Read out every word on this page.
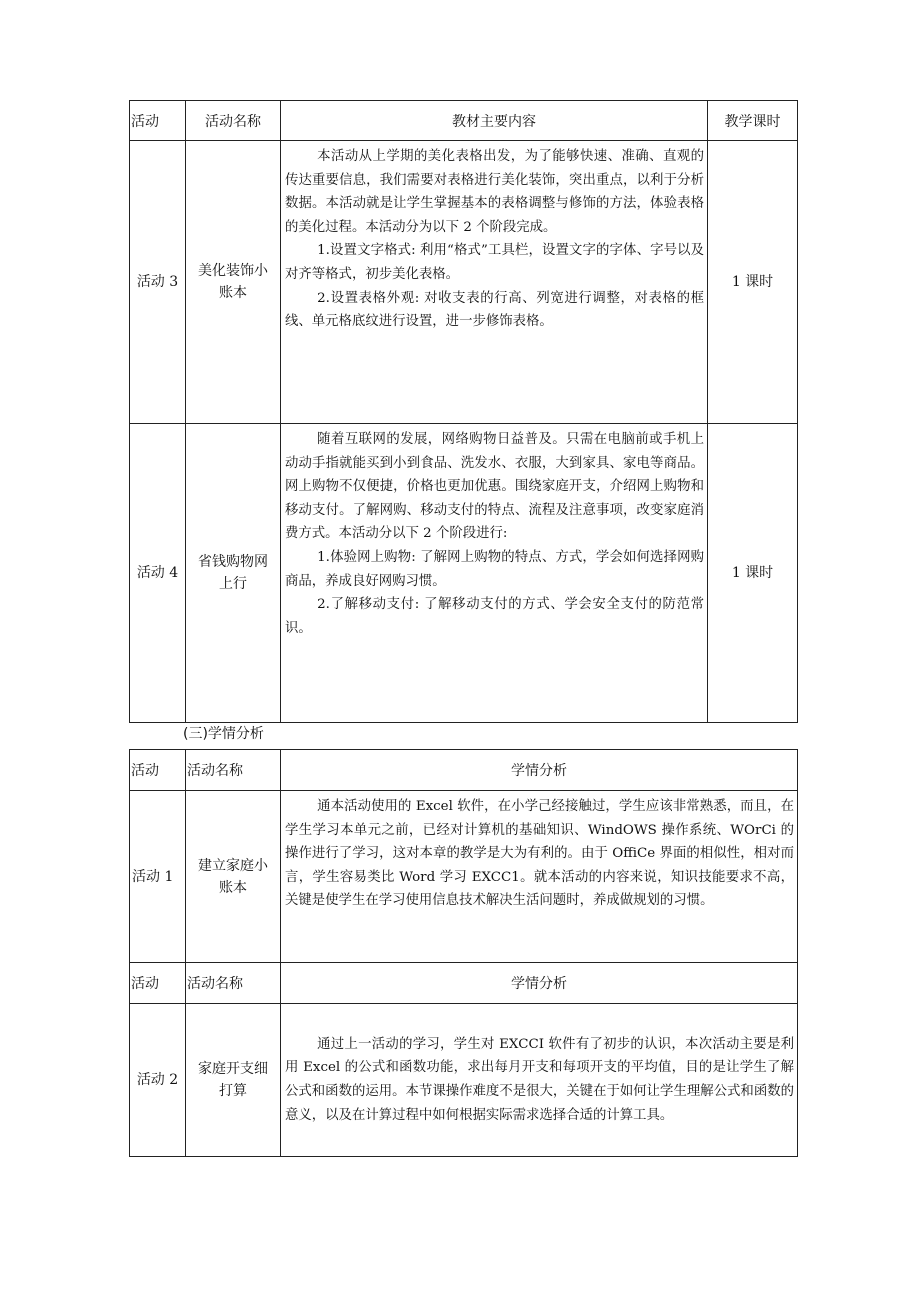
活动	活动名称	教材主要内容	教学课时
活动 3	美化装饰小账本	本活动从上学期的美化表格出发，为了能够快速、准确、直观的传达重要信息，我们需要对表格进行美化装饰，突出重点，以利于分析数据。本活动就是让学生掌握基本的表格调整与修饰的方法，体验表格的美化过程。本活动分为以下 2 个阶段完成。

1.设置文字格式: 利用“格式”工具栏，设置文字的字体、字号以及对齐等格式，初步美化表格。

2.设置表格外观: 对收支表的行高、列宽进行调整，对表格的框线、单元格底纹进行设置，进一步修饰表格。	1 课时
活动 4	省钱购物网上行	随着互联网的发展，网络购物日益普及。只需在电脑前或手机上动动手指就能买到小到食品、洗发水、衣服，大到家具、家电等商品。网上购物不仅便捷，价格也更加优惠。围绕家庭开支，介绍网上购物和移动支付。了解网购、移动支付的特点、流程及注意事项，改变家庭消费方式。本活动分以下 2 个阶段进行:

1.体验网上购物: 了解网上购物的特点、方式，学会如何选择网购商品，养成良好网购习惯。

2.了解移动支付: 了解移动支付的方式、学会安全支付的防范常识。	1 课时
(三)学情分析
活动	活动名称	学情分析
活动 1	建立家庭小账本	通本活动使用的 Excel 软件，在小学己经接触过，学生应该非常熟悉，而且，在学生学习本单元之前，已经对计算机的基础知识、WindOWS 操作系统、WOrCi 的操作进行了学习，这对本章的教学是大为有利的。由于 OffiCe 界面的相似性，相对而言，学生容易类比 Word 学习 EXCC1。就本活动的内容来说，知识技能要求不高，关键是使学生在学习使用信息技术解决生活问题时，养成做规划的习惯。

活动	活动名称	学情分析
活动 2	家庭开支细打算	通过上一活动的学习，学生对 EXCCI 软件有了初步的认识，本次活动主要是利用 Excel 的公式和函数功能，求出每月开支和每项开支的平均值，目的是让学生了解公式和函数的运用。本节课操作难度不是很大，关键在于如何让学生理解公式和函数的意义，以及在计算过程中如何根据实际需求选择合适的计算工具。
